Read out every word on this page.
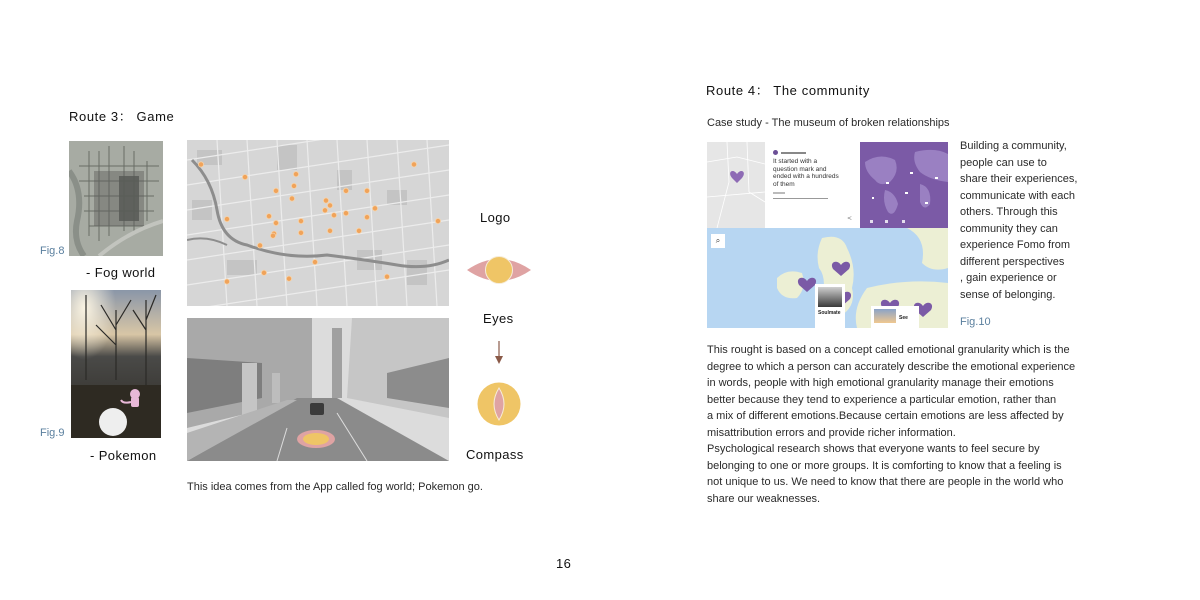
Route 3： Game
Fig.8
- Fog world
Fig.9
- Pokemon
Logo
Eyes
Compass
This idea comes from the App called fog world; Pokemon go.
Route 4： The community
Case study - The museum of broken relationships
It started with a question mark and ended with a hundreds of them
<
⌕
Soulmate
See
Building a community,
people can use to
share their experiences,
communicate with each
others. Through this
community they can
experience Fomo from
different perspectives
, gain experience or
sense of belonging.
Fig.10
This rought is based on a concept called emotional granularity which is the
degree to which a person can accurately describe the emotional experience
in words, people with high emotional granularity manage their emotions
better because they tend to experience a particular emotion, rather than
a mix of different emotions.Because certain emotions are less affected by
misattribution errors and provide richer information.
Psychological research shows that everyone wants to feel secure by
belonging to one or more groups. It is comforting to know that a feeling is
not unique to us. We need to know that there are people in the world who
share our weaknesses.
16
